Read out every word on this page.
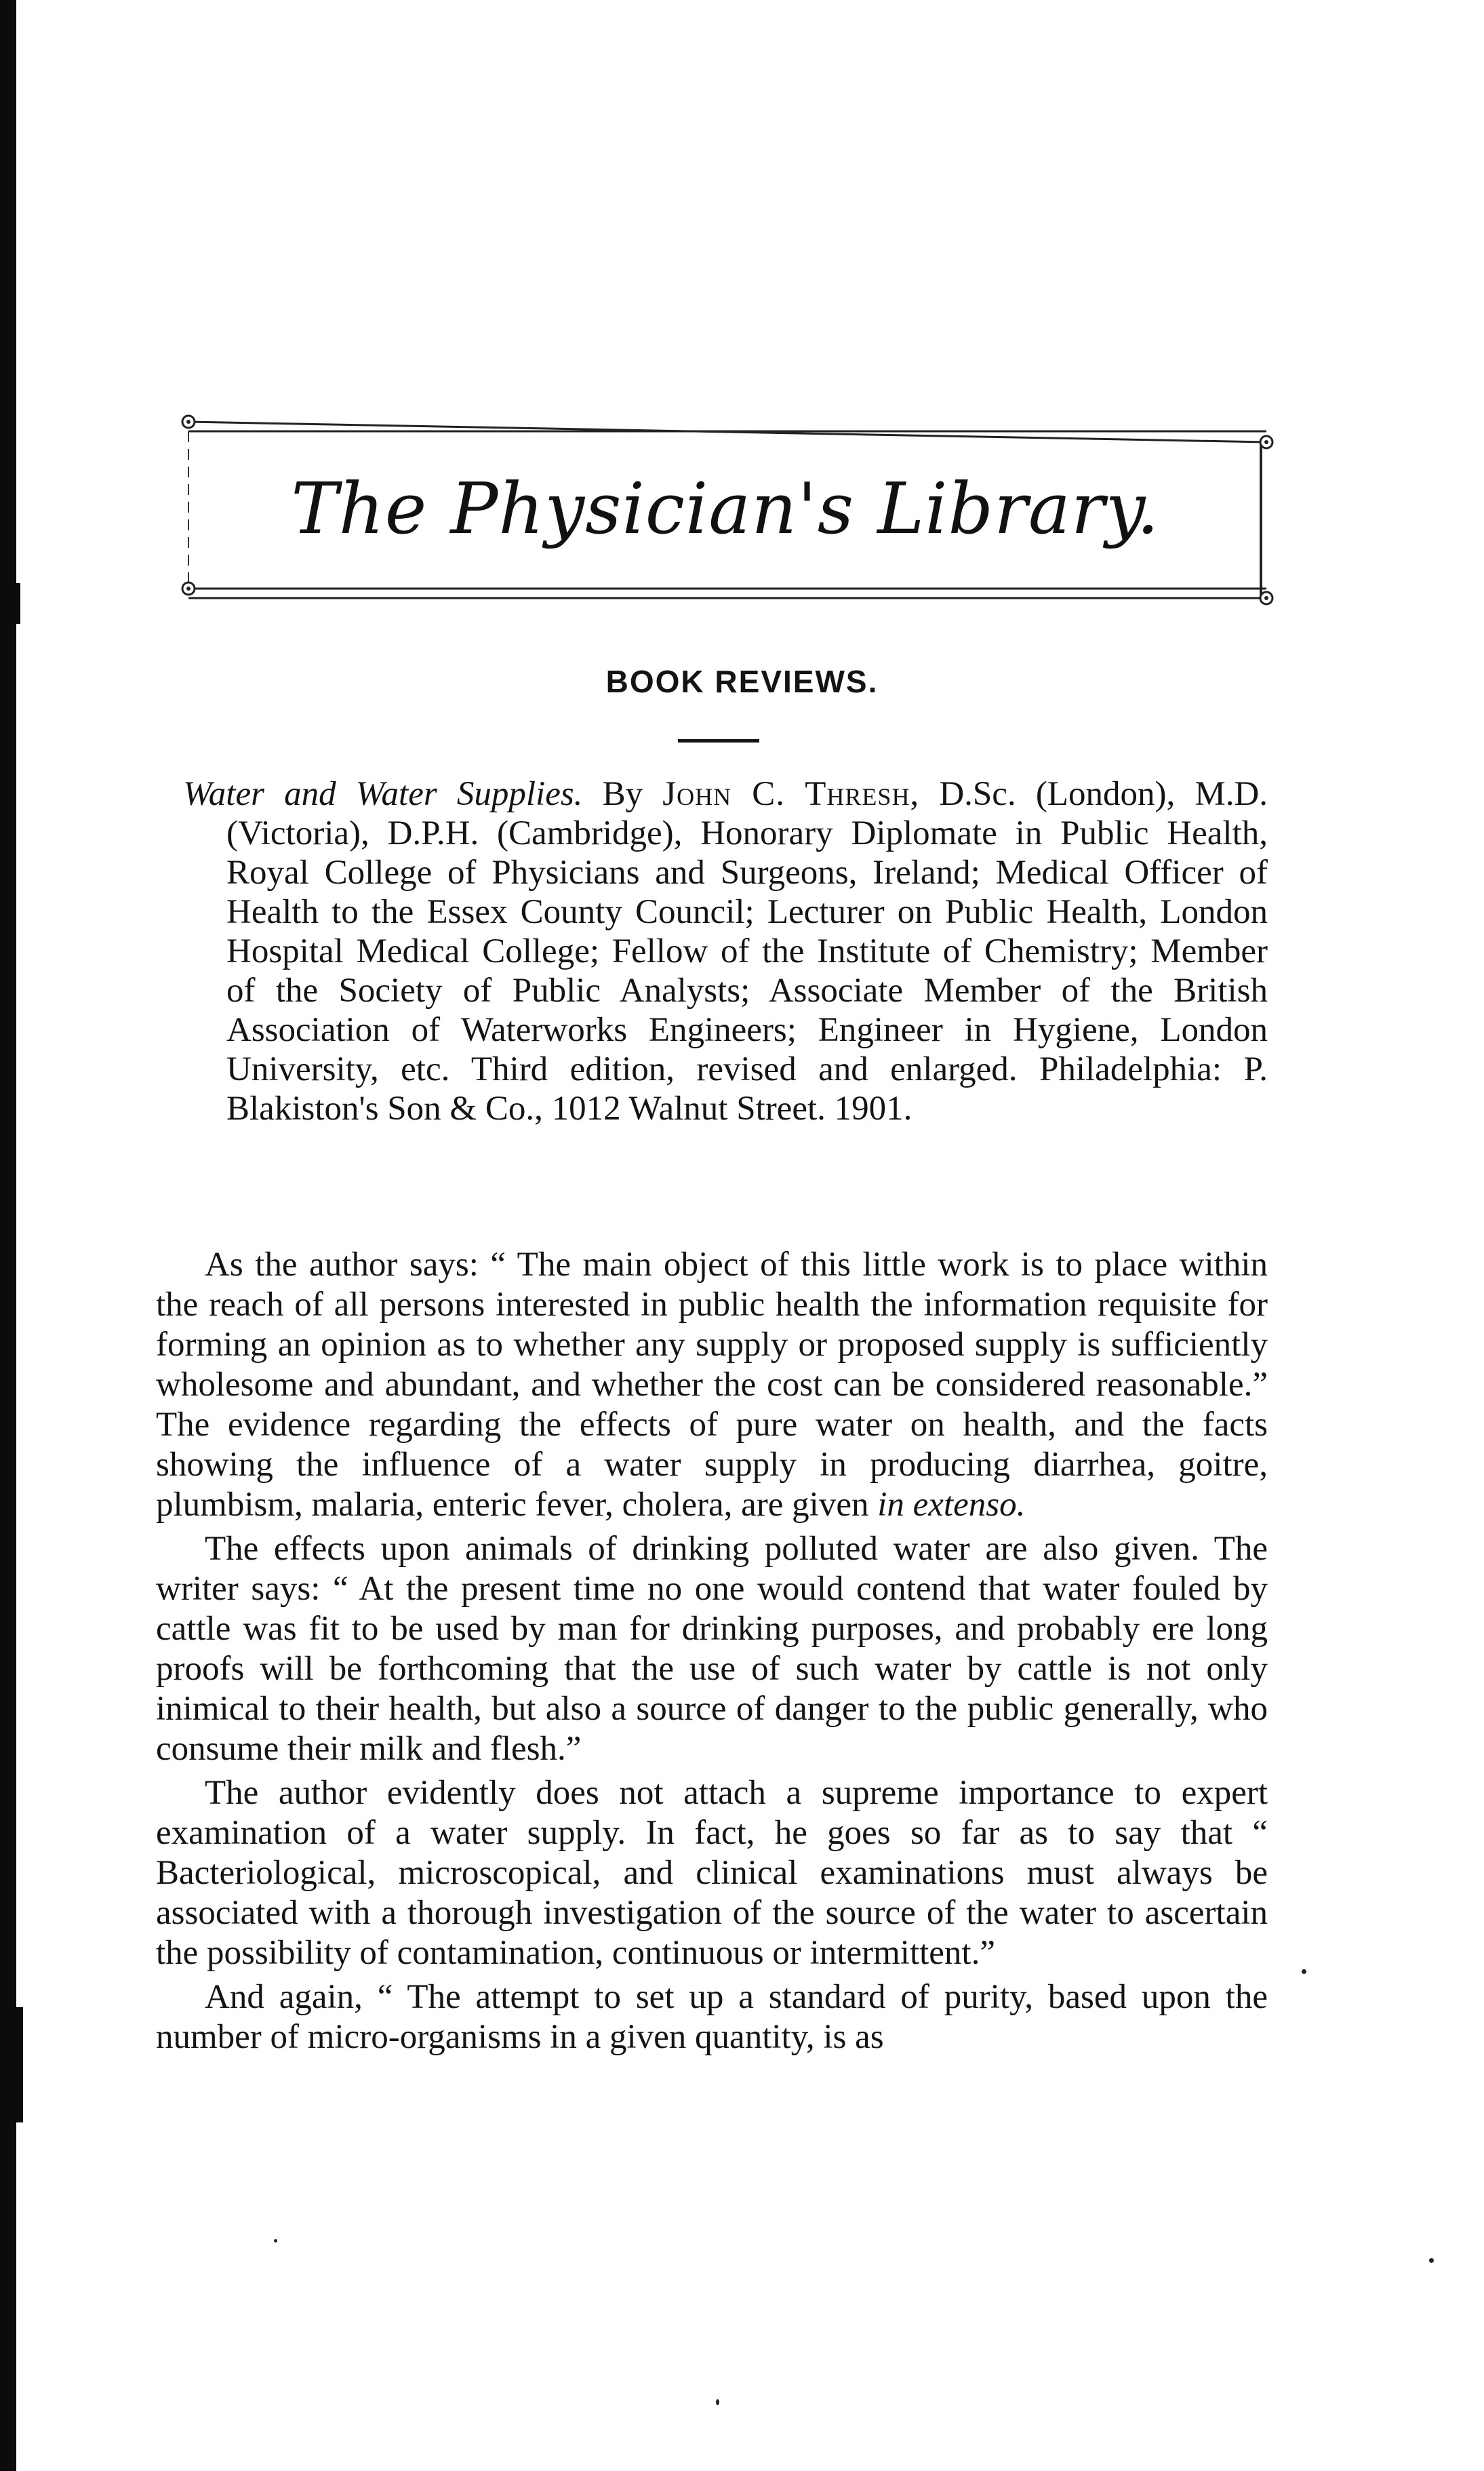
The Physician's Library.
BOOK REVIEWS.
Water and Water Supplies. By John C. Thresh, D.Sc. (London), M.D. (Victoria), D.P.H. (Cambridge), Honorary Diplomate in Public Health, Royal College of Physicians and Surgeons, Ireland; Medical Officer of Health to the Essex County Council; Lecturer on Public Health, London Hospital Medical College; Fellow of the Institute of Chemistry; Member of the Society of Public Analysts; Associate Member of the British Association of Waterworks Engineers; Engineer in Hygiene, London University, etc. Third edition, revised and enlarged. Philadelphia: P. Blakiston's Son & Co., 1012 Walnut Street. 1901.

As the author says: “ The main object of this little work is to place within the reach of all persons interested in public health the information requisite for forming an opinion as to whether any supply or proposed supply is sufficiently wholesome and abundant, and whether the cost can be considered reasonable.” The evidence regarding the effects of pure water on health, and the facts showing the influence of a water supply in producing diarrhea, goitre, plumbism, malaria, enteric fever, cholera, are given in extenso.

The effects upon animals of drinking polluted water are also given. The writer says: “ At the present time no one would contend that water fouled by cattle was fit to be used by man for drinking purposes, and probably ere long proofs will be forthcoming that the use of such water by cattle is not only inimical to their health, but also a source of danger to the public generally, who consume their milk and flesh.”

The author evidently does not attach a supreme importance to expert examination of a water supply. In fact, he goes so far as to say that “ Bacteriological, microscopical, and clinical examinations must always be associated with a thorough investigation of the source of the water to ascertain the possibility of contamination, continuous or intermittent.”

And again, “ The attempt to set up a standard of purity, based upon the number of micro-organisms in a given quantity, is as
